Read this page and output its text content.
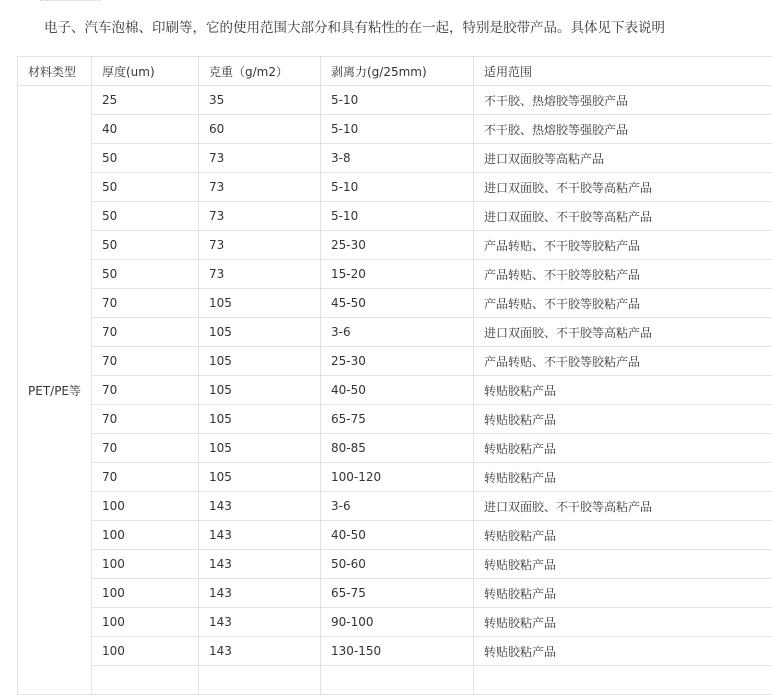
电子、汽车泡棉、印刷等，它的使用范围大部分和具有粘性的在一起，特别是胶带产品。具体见下表说明
材料类型	厚度(um)	克重（g/m2）	剥离力(g/25mm)	适用范围
PET/PE等	25	35	5-10	不干胶、热熔胶等强胶产品
	40	60	5-10	不干胶、热熔胶等强胶产品
	50	73	3-8	进口双面胶等高粘产品
	50	73	5-10	进口双面胶、不干胶等高粘产品
	50	73	5-10	进口双面胶、不干胶等高粘产品
	50	73	25-30	产品转贴、不干胶等胶粘产品
	50	73	15-20	产品转贴、不干胶等胶粘产品
	70	105	45-50	产品转贴、不干胶等胶粘产品
	70	105	3-6	进口双面胶、不干胶等高粘产品
	70	105	25-30	产品转贴、不干胶等胶粘产品
	70	105	40-50	转贴胶粘产品
	70	105	65-75	转贴胶粘产品
	70	105	80-85	转贴胶粘产品
	70	105	100-120	转贴胶粘产品
	100	143	3-6	进口双面胶、不干胶等高粘产品
	100	143	40-50	转贴胶粘产品
	100	143	50-60	转贴胶粘产品
	100	143	65-75	转贴胶粘产品
	100	143	90-100	转贴胶粘产品
	100	143	130-150	转贴胶粘产品
